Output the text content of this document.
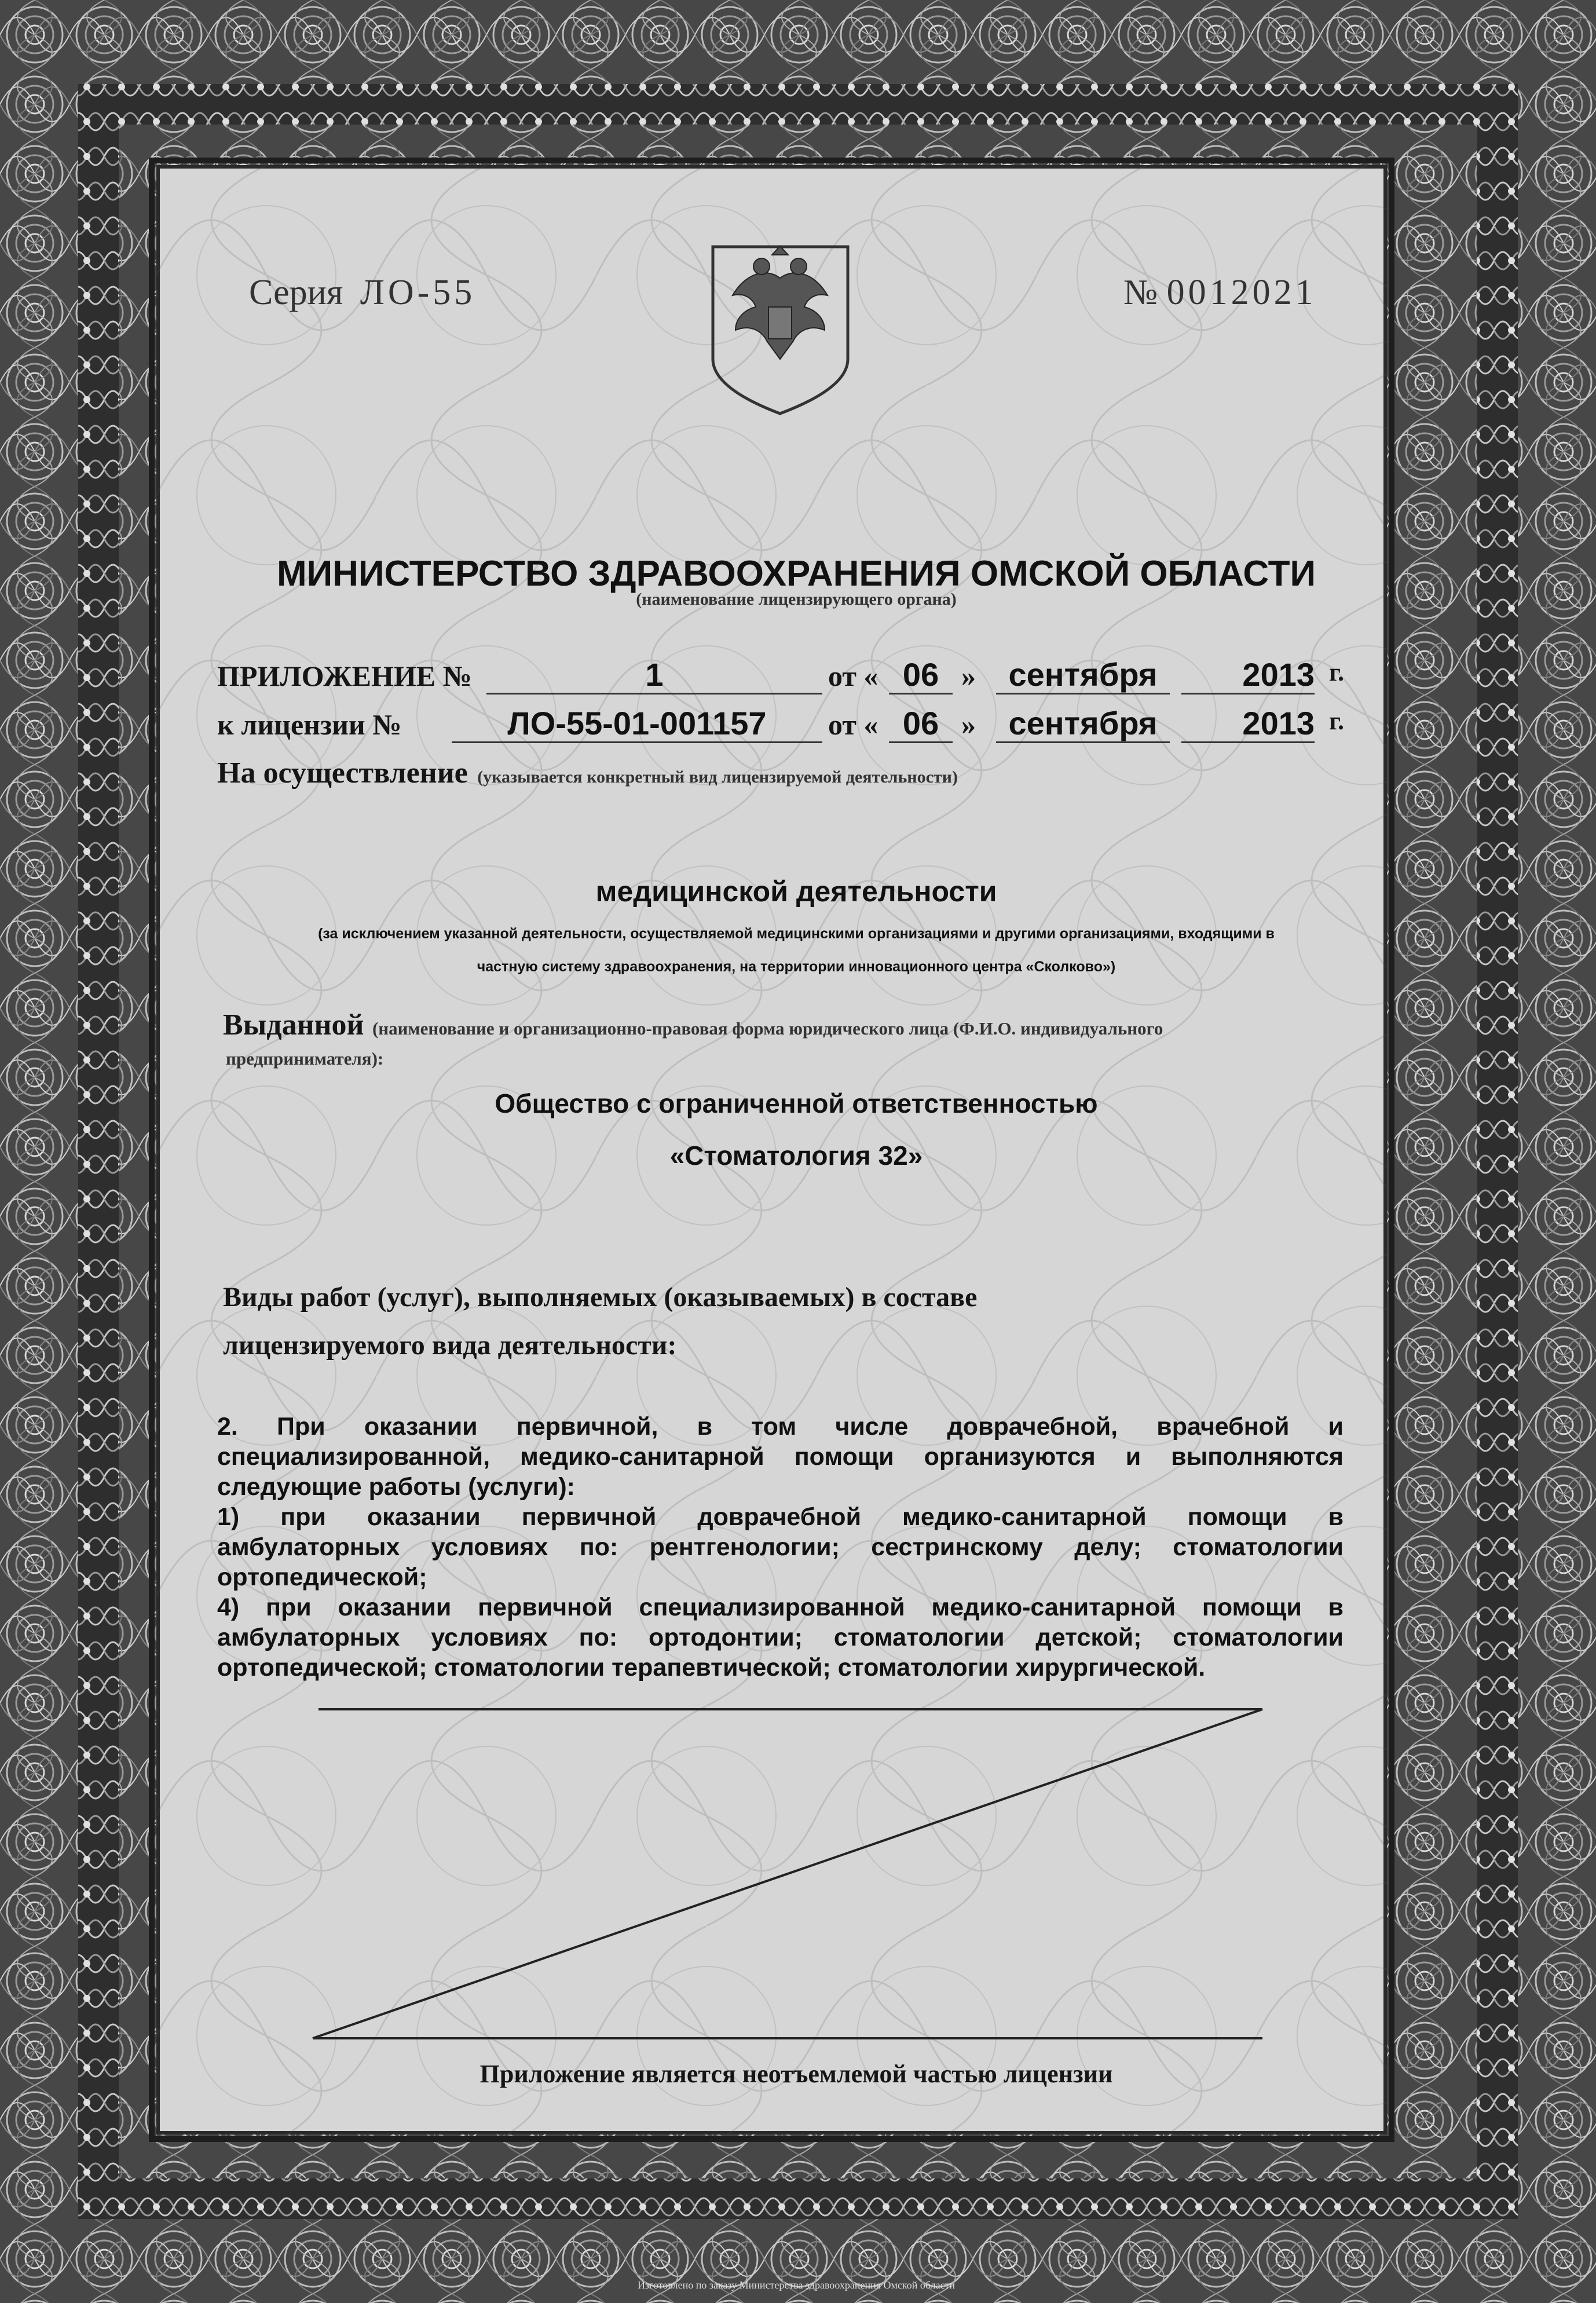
Серия ЛО-55	№ 0012021
МИНИСТЕРСТВО ЗДРАВООХРАНЕНИЯ ОМСКОЙ ОБЛАСТИ
(наименование лицензирующего органа)
ПРИЛОЖЕНИЕ №	1	от « 06 »	сентября	2013 г.
к лицензии №	ЛО-55-01-001157	от « 06 »	сентября	2013 г.
На осуществление (указывается конкретный вид лицензируемой деятельности)
медицинской деятельности
(за исключением указанной деятельности, осуществляемой медицинскими организациями и другими организациями, входящими в
частную систему здравоохранения, на территории инновационного центра «Сколково»)
Выданной (наименование и организационно-правовая форма юридического лица (Ф.И.О. индивидуального
предпринимателя):
Общество с ограниченной ответственностью
«Стоматология 32»
Виды работ (услуг), выполняемых (оказываемых) в составе
лицензируемого вида деятельности:
2. При оказании первичной, в том числе доврачебной, врачебной и
специализированной, медико-санитарной помощи организуются и выполняются
следующие работы (услуги):
1) при оказании первичной доврачебной медико-санитарной помощи в
амбулаторных условиях по: рентгенологии; сестринскому делу; стоматологии
ортопедической;
4) при оказании первичной специализированной медико-санитарной помощи в
амбулаторных условиях по: ортодонтии; стоматологии детской; стоматологии
ортопедической; стоматологии терапевтической; стоматологии хирургической.
Приложение является неотъемлемой частью лицензии
Изготовлено по заказу Министерства здравоохранения Омской области
